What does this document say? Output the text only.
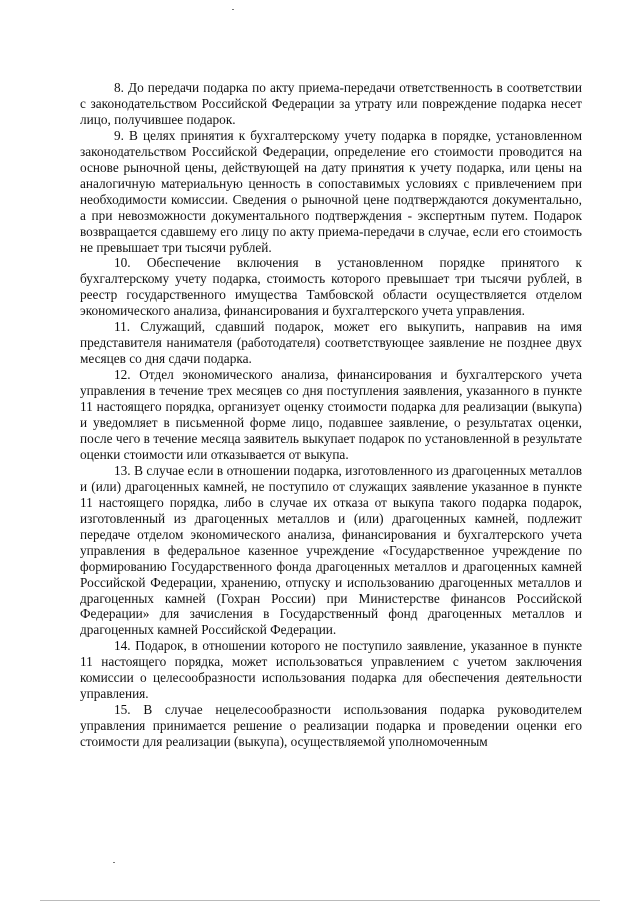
8. До передачи подарка по акту приема-передачи ответственность в соответствии с законодательством Российской Федерации за утрату или повреждение подарка несет лицо, получившее подарок.

9. В целях принятия к бухгалтерскому учету подарка в порядке, установленном законодательством Российской Федерации, определение его стоимости проводится на основе рыночной цены, действующей на дату принятия к учету подарка, или цены на аналогичную материальную ценность в сопоставимых условиях с привлечением при необходимости комиссии. Сведения о рыночной цене подтверждаются документально, а при невозможности документального подтверждения - экспертным путем. Подарок возвращается сдавшему его лицу по акту приема-передачи в случае, если его стоимость не превышает три тысячи рублей.

10. Обеспечение включения в установленном порядке принятого к бухгалтерскому учету подарка, стоимость которого превышает три тысячи рублей, в реестр государственного имущества Тамбовской области осуществляется отделом экономического анализа, финансирования и бухгалтерского учета управления.

11. Служащий, сдавший подарок, может его выкупить, направив на имя представителя нанимателя (работодателя) соответствующее заявление не позднее двух месяцев со дня сдачи подарка.

12. Отдел экономического анализа, финансирования и бухгалтерского учета управления в течение трех месяцев со дня поступления заявления, указанного в пункте 11 настоящего порядка, организует оценку стоимости подарка для реализации (выкупа) и уведомляет в письменной форме лицо, подавшее заявление, о результатах оценки, после чего в течение месяца заявитель выкупает подарок по установленной в результате оценки стоимости или отказывается от выкупа.

13. В случае если в отношении подарка, изготовленного из драгоценных металлов и (или) драгоценных камней, не поступило от служащих заявление указанное в пункте 11 настоящего порядка, либо в случае их отказа от выкупа такого подарка подарок, изготовленный из драгоценных металлов и (или) драгоценных камней, подлежит передаче отделом экономического анализа, финансирования и бухгалтерского учета управления в федеральное казенное учреждение «Государственное учреждение по формированию Государственного фонда драгоценных металлов и драгоценных камней Российской Федерации, хранению, отпуску и использованию драгоценных металлов и драгоценных камней (Гохран России) при Министерстве финансов Российской Федерации» для зачисления в Государственный фонд драгоценных металлов и драгоценных камней Российской Федерации.

14. Подарок, в отношении которого не поступило заявление, указанное в пункте 11 настоящего порядка, может использоваться управлением с учетом заключения комиссии о целесообразности использования подарка для обеспечения деятельности управления.

15. В случае нецелесообразности использования подарка руководителем управления принимается решение о реализации подарка и проведении оценки его стоимости для реализации (выкупа), осуществляемой уполномоченным
